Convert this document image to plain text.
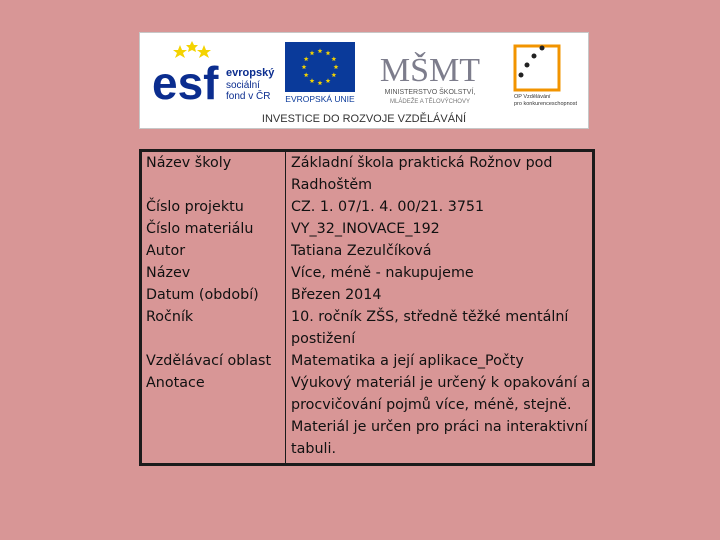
esf evropský
sociální
fond v ČR EVROPSKÁ UNIE
MŠMT
MINISTERSTVO ŠKOLSTVÍ,
MLÁDEŽE A TĚLOVÝCHOVY
OP Vzdělávání
pro konkurenceschopnost
INVESTICE DO ROZVOJE VZDĚLÁVÁNÍ
Název školy	Základní škola praktická Rožnov pod Radhoštěm
Číslo projektu	CZ. 1. 07/1. 4. 00/21. 3751
Číslo materiálu	VY_32_INOVACE_192
Autor	Tatiana Zezulčíková
Název	Více, méně - nakupujeme
Datum (období)	Březen 2014
Ročník	10. ročník ZŠS, středně těžké mentální postižení
Vzdělávací oblast	Matematika a její aplikace_Počty
Anotace	Výukový materiál je určený k opakování a procvičování pojmů více, méně, stejně. Materiál je určen pro práci na interaktivní tabuli.
